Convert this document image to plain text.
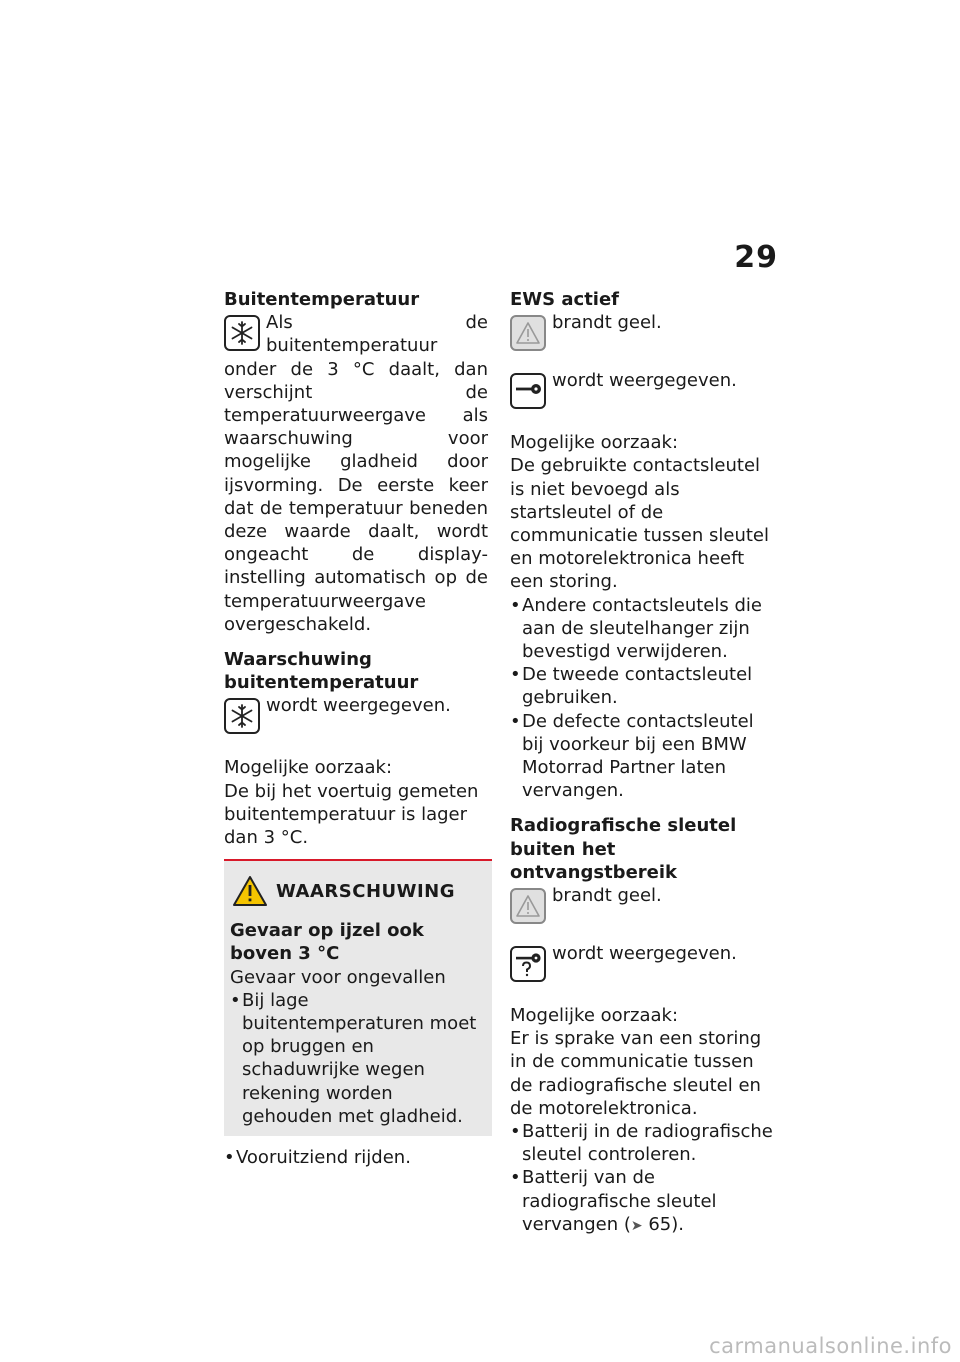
29

Buitentemperatuur

Als de buitentemperatuur onder de 3 °C daalt, dan verschijnt de temperatuurweergave als waarschuwing voor mogelijke gladheid door ijsvorming. De eerste keer dat de temperatuur beneden deze waarde daalt, wordt ongeacht de display-instelling automatisch op de temperatuurweergave overgeschakeld.

Waarschuwing

buitentemperatuur

wordt weergegeven.

Mogelijke oorzaak:

De bij het voertuig gemeten buitentemperatuur is lager dan 3 °C.

WAARSCHUWING

Gevaar op ijzel ook boven 3 °C

Gevaar voor ongevallen

• Bij lage buitentemperaturen moet op bruggen en schaduwrijke wegen rekening worden gehouden met gladheid.

• Vooruitziend rijden.

EWS actief

brandt geel.

wordt weergegeven.

Mogelijke oorzaak:

De gebruikte contactsleutel is niet bevoegd als startsleutel of de communicatie tussen sleutel en motorelektronica heeft een storing.

• Andere contactsleutels die aan de sleutelhanger zijn bevestigd verwijderen.

• De tweede contactsleutel gebruiken.

• De defecte contactsleutel bij voorkeur bij een BMW Motorrad Partner laten vervangen.

Radiografische sleutel buiten het ontvangstbereik

brandt geel.

wordt weergegeven.

Mogelijke oorzaak:

Er is sprake van een storing in de communicatie tussen de radiografische sleutel en de motorelektronica.

• Batterij in de radiografische sleutel controleren.

• Batterij van de radiografische sleutel vervangen (➤ 65).

carmanualsonline.info
